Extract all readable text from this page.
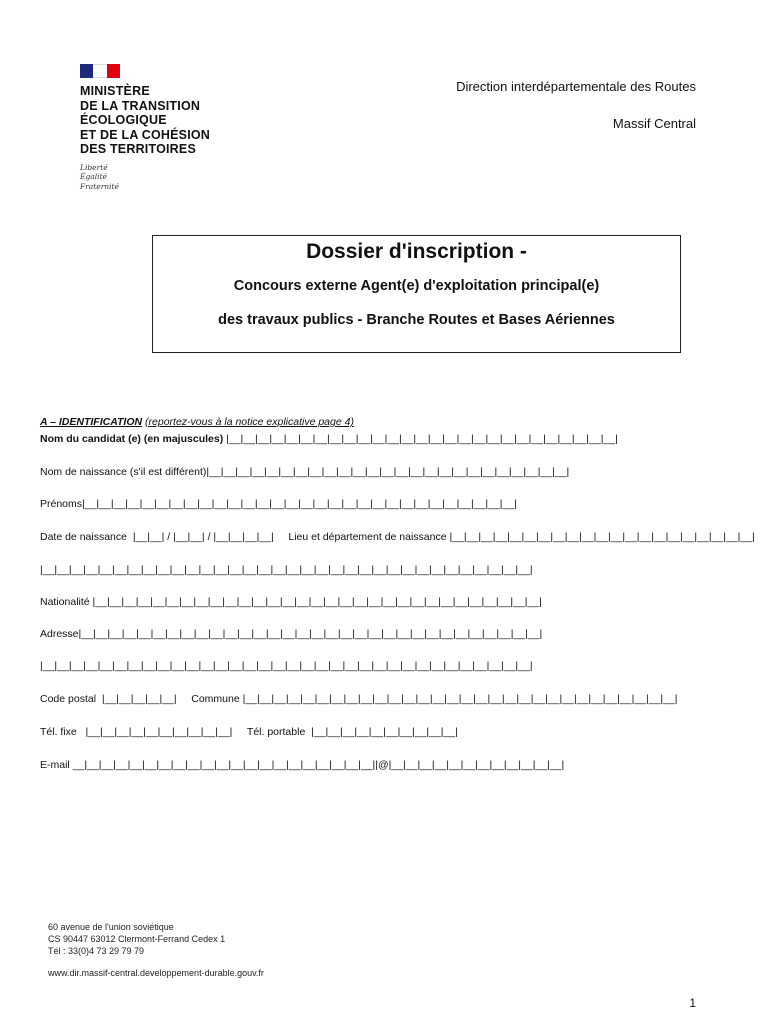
MINISTÈRE
DE LA TRANSITION
ÉCOLOGIQUE
ET DE LA COHÉSION
DES TERRITOIRES
Liberté
Égalité
Fraternité
Direction interdépartementale des Routes
Massif Central
Dossier d'inscription -
Concours externe Agent(e) d'exploitation principal(e)
des travaux publics - Branche Routes et Bases Aériennes
A – IDENTIFICATION (reportez-vous à la notice explicative page 4)
Nom du candidat (e) (en majuscules) |__|__|__|__|__|__|__|__|__|__|__|__|__|__|__|__|__|__|__|__|__|__|__|__|__|__|__|
Nom de naissance (s'il est différent)|__|__|__|__|__|__|__|__|__|__|__|__|__|__|__|__|__|__|__|__|__|__|__|__|__|
Prénoms|__|__|__|__|__|__|__|__|__|__|__|__|__|__|__|__|__|__|__|__|__|__|__|__|__|__|__|__|__|__|
Date de naissance |__|__| / |__|__| / |__|__|__|__| Lieu et département de naissance |__|__|__|__|__|__|__|__|__|__|__|__|__|__|__|__|__|__|__|__|__|
|__|__|__|__|__|__|__|__|__|__|__|__|__|__|__|__|__|__|__|__|__|__|__|__|__|__|__|__|__|__|__|__|__|__|
Nationalité |__|__|__|__|__|__|__|__|__|__|__|__|__|__|__|__|__|__|__|__|__|__|__|__|__|__|__|__|__|__|__|
Adresse|__|__|__|__|__|__|__|__|__|__|__|__|__|__|__|__|__|__|__|__|__|__|__|__|__|__|__|__|__|__|__|__|
|__|__|__|__|__|__|__|__|__|__|__|__|__|__|__|__|__|__|__|__|__|__|__|__|__|__|__|__|__|__|__|__|__|__|
Code postal |__|__|__|__|__| Commune |__|__|__|__|__|__|__|__|__|__|__|__|__|__|__|__|__|__|__|__|__|__|__|__|__|__|__|__|__|__|
Tél. fixe |__|__|__|__|__|__|__|__|__|__| Tél. portable |__|__|__|__|__|__|__|__|__|__|
E-mail __|__|__|__|__|__|__|__|__|__|__|__|__|__|__|__|__|__|__|__|__||@|__|__|__|__|__|__|__|__|__|__|__|__|
60 avenue de l'union soviétique
CS 90447 63012 Clermont-Ferrand Cedex 1
Tél : 33(0)4 73 29 79 79
www.dir.massif-central.developpement-durable.gouv.fr
1
